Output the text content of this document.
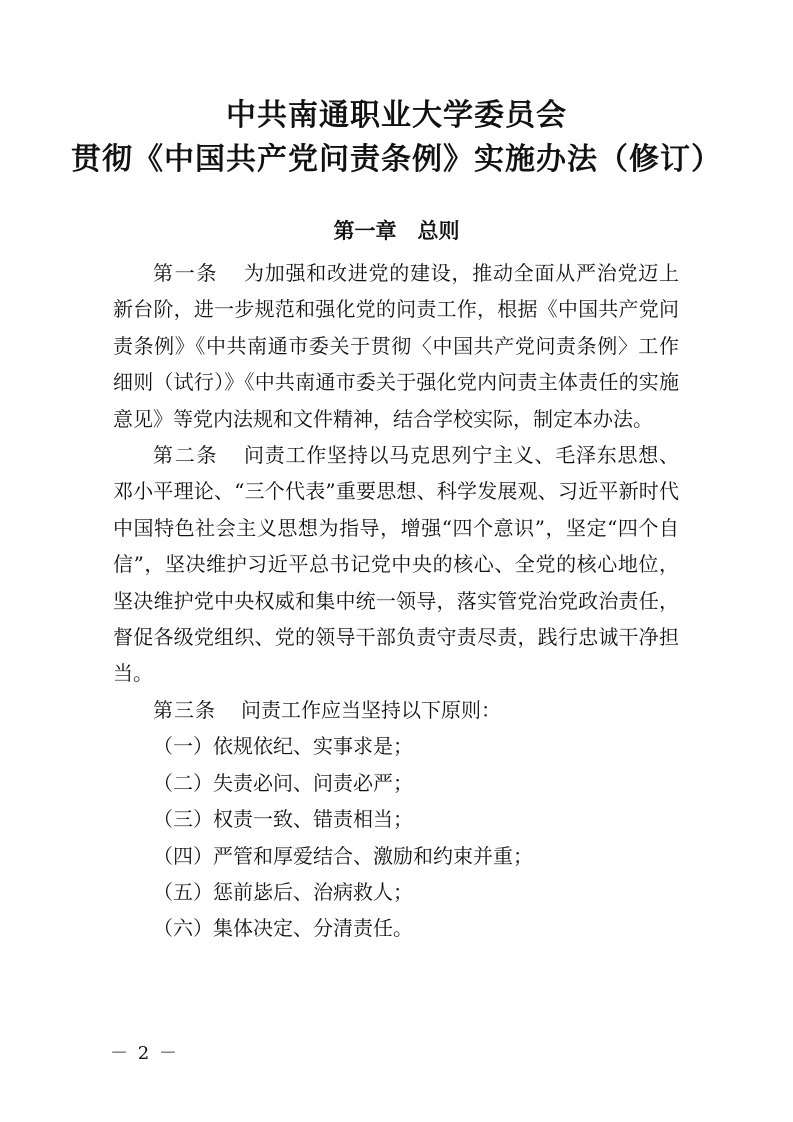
中共南通职业大学委员会
贯彻《中国共产党问责条例》实施办法（修订）
第一章　总则

第一条 为加强和改进党的建设，推动全面从严治党迈上新台阶，进一步规范和强化党的问责工作，根据《中国共产党问责条例》《中共南通市委关于贯彻〈中国共产党问责条例〉工作细则（试行）》《中共南通市委关于强化党内问责主体责任的实施意见》等党内法规和文件精神，结合学校实际，制定本办法。

第二条 问责工作坚持以马克思列宁主义、毛泽东思想、邓小平理论、“三个代表”重要思想、科学发展观、习近平新时代中国特色社会主义思想为指导，增强“四个意识”，坚定“四个自信”，坚决维护习近平总书记党中央的核心、全党的核心地位，坚决维护党中央权威和集中统一领导，落实管党治党政治责任，督促各级党组织、党的领导干部负责守责尽责，践行忠诚干净担当。

第三条 问责工作应当坚持以下原则：

（一）依规依纪、实事求是；

（二）失责必问、问责必严；

（三）权责一致、错责相当；

（四）严管和厚爱结合、激励和约束并重；

（五）惩前毖后、治病救人；

（六）集体决定、分清责任。

－ 2 －
